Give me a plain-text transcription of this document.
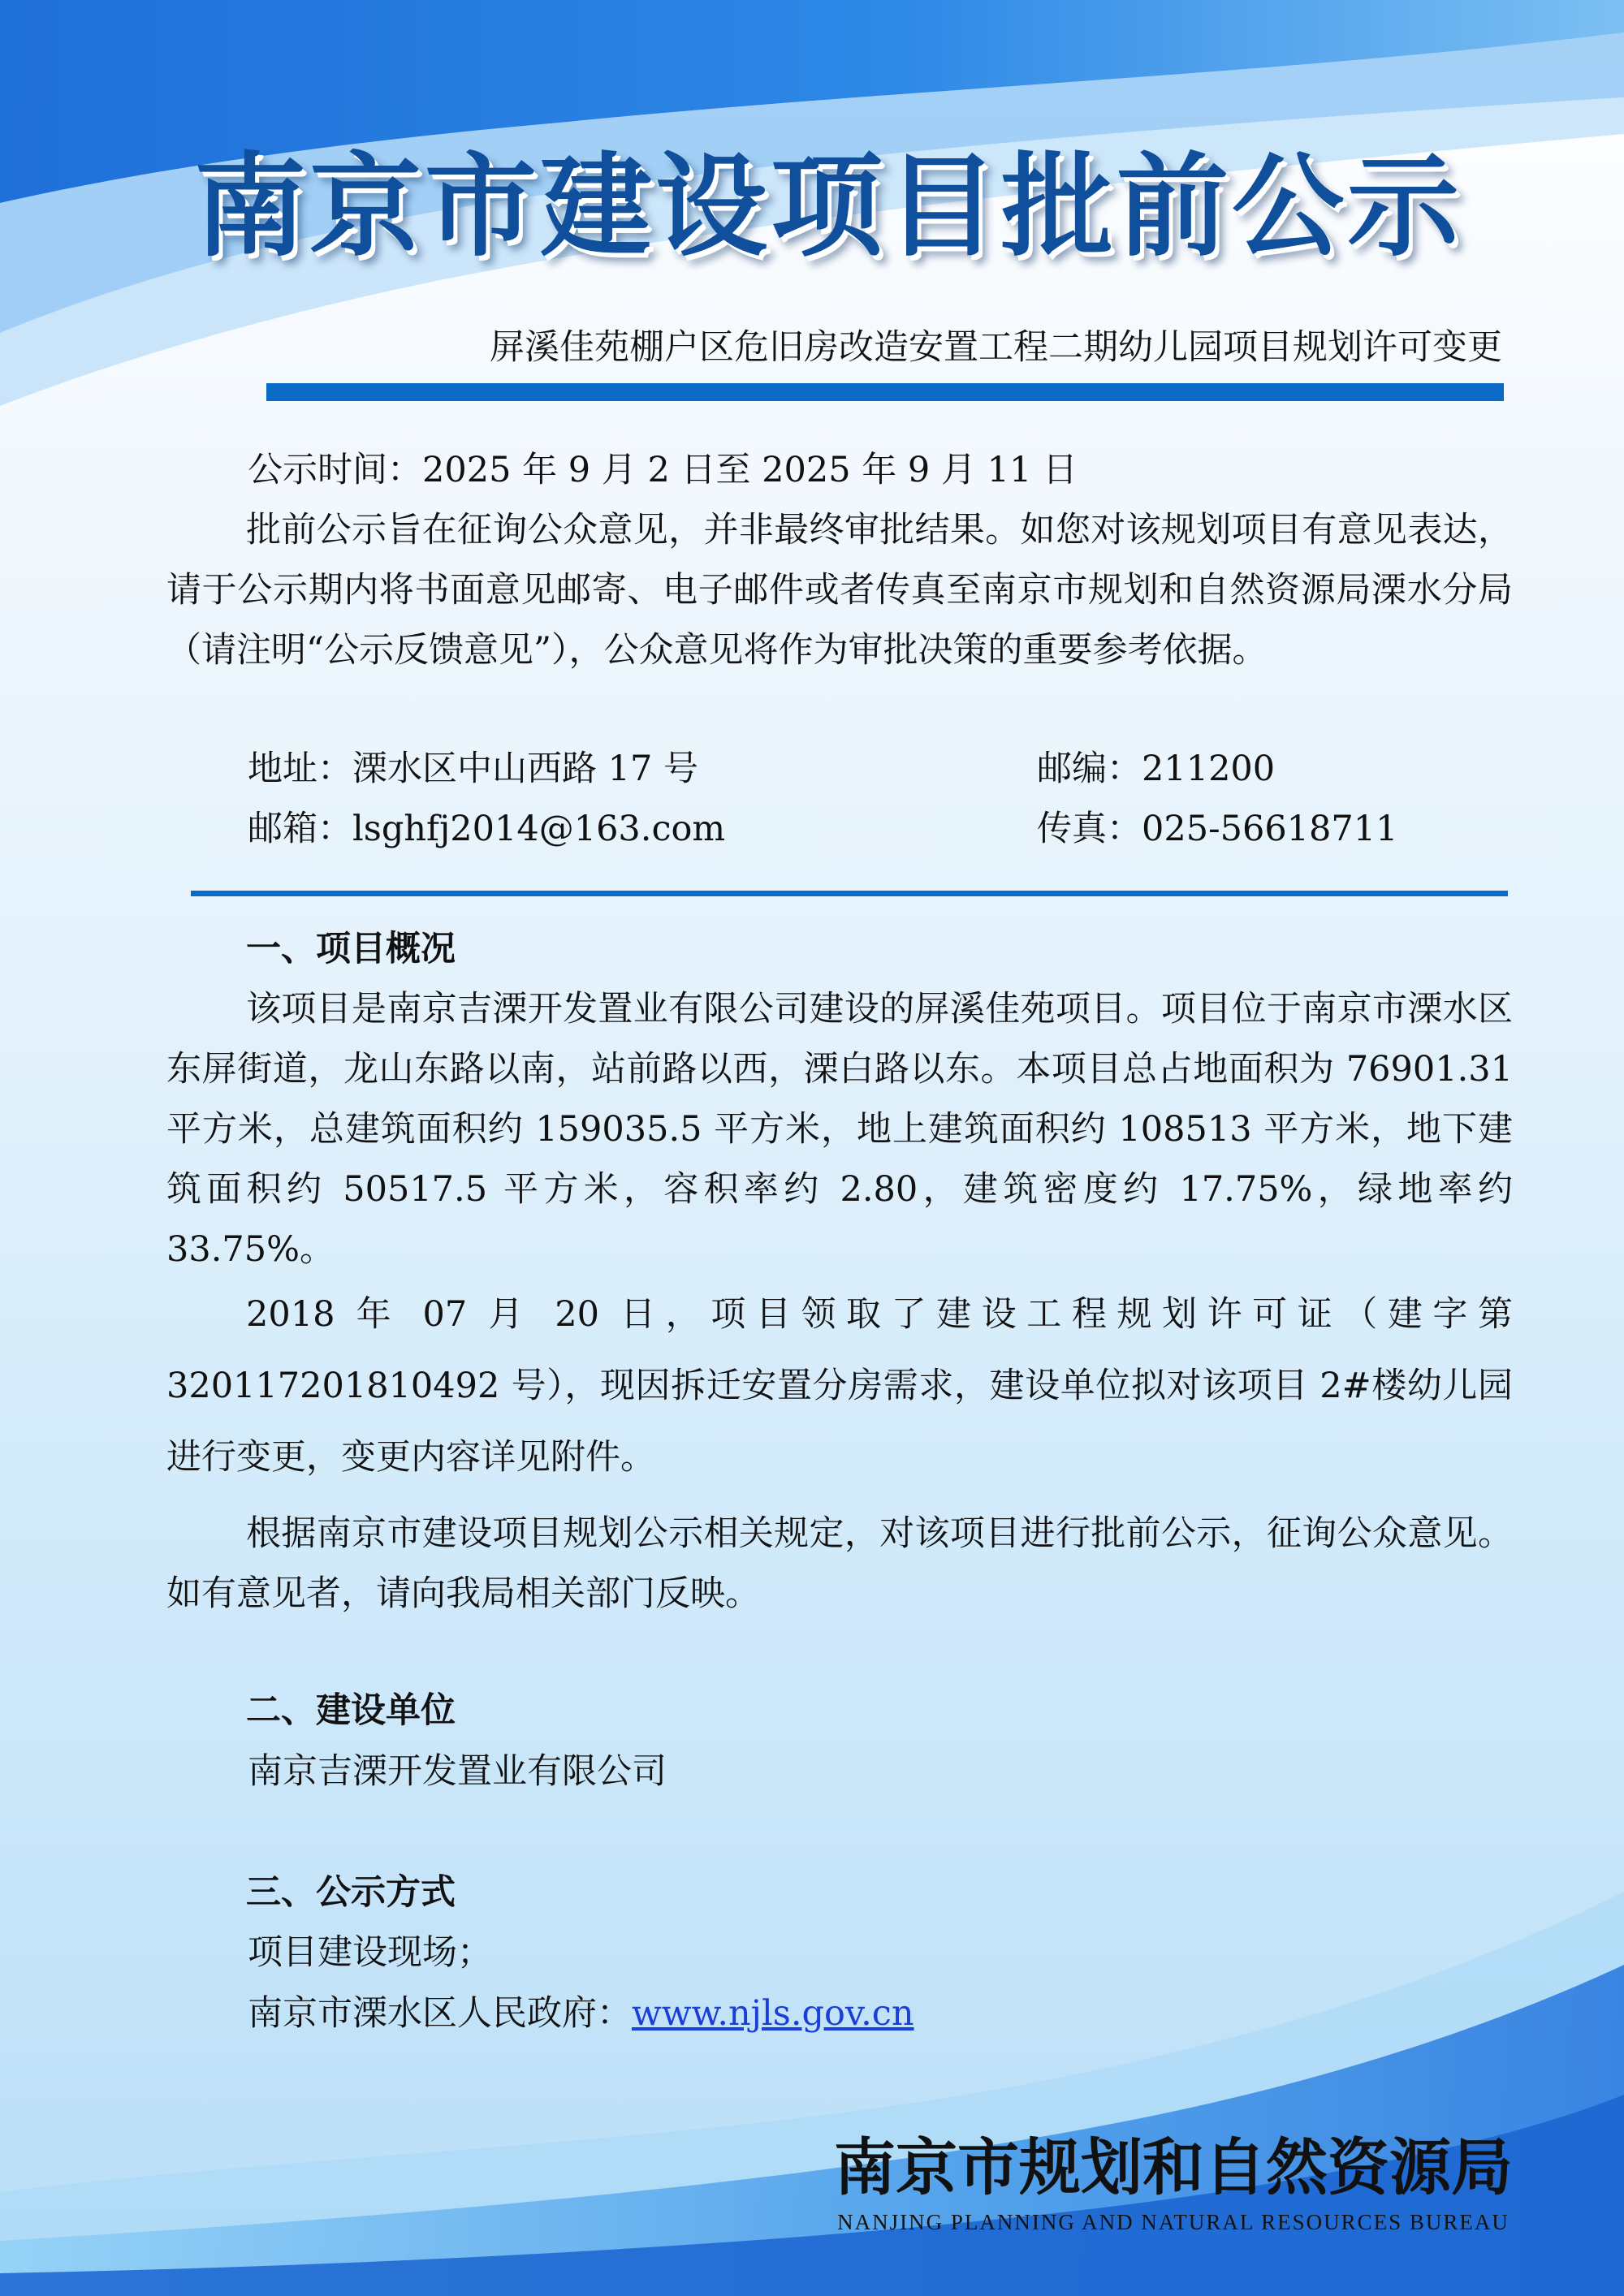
南京市建设项目批前公示
屏溪佳苑棚户区危旧房改造安置工程二期幼儿园项目规划许可变更
公示时间：2025 年 9 月 2 日至 2025 年 9 月 11 日
批前公示旨在征询公众意见，并非最终审批结果。如您对该规划项目有意见表达，请于公示期内将书面意见邮寄、电子邮件或者传真至南京市规划和自然资源局溧水分局（请注明“公示反馈意见”），公众意见将作为审批决策的重要参考依据。
地址：溧水区中山西路 17 号	邮编：211200
邮箱：lsghfj2014@163.com	传真：025-56618711
一、项目概况
该项目是南京吉溧开发置业有限公司建设的屏溪佳苑项目。项目位于南京市溧水区东屏街道，龙山东路以南，站前路以西，溧白路以东。本项目总占地面积为 76901.31 平方米，总建筑面积约 159035.5 平方米，地上建筑面积约 108513 平方米，地下建筑面积约 50517.5 平方米，容积率约 2.80，建筑密度约 17.75%，绿地率约 33.75%。
2018 年 07 月 20 日，项目领取了建设工程规划许可证（建字第320117201810492 号），现因拆迁安置分房需求，建设单位拟对该项目 2#楼幼儿园进行变更，变更内容详见附件。
根据南京市建设项目规划公示相关规定，对该项目进行批前公示，征询公众意见。如有意见者，请向我局相关部门反映。
二、建设单位
南京吉溧开发置业有限公司
三、公示方式
项目建设现场；
南京市溧水区人民政府：www.njls.gov.cn
南京市规划和自然资源局
NANJING PLANNING AND NATURAL RESOURCES BUREAU
